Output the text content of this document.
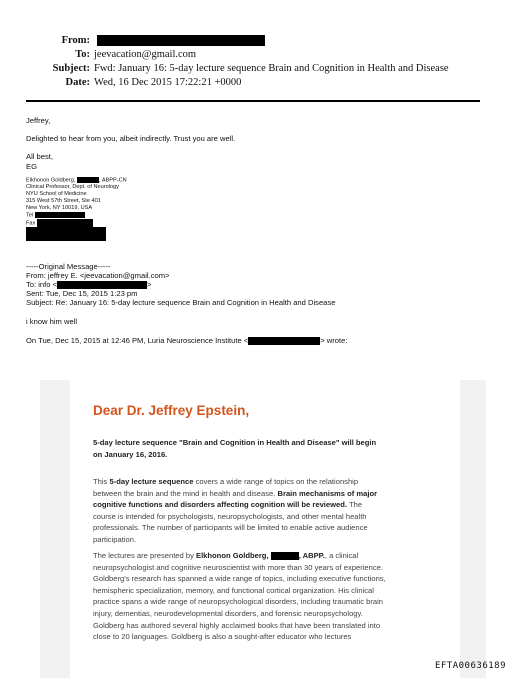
From:
To: jeevacation@gmail.com
Subject: Fwd: January 16: 5-day lecture sequence Brain and Cognition in Health and Disease
Date: Wed, 16 Dec 2015 17:22:21 +0000
Jeffrey,
Delighted to hear from you, albeit indirectly. Trust you are well.
All best,
EG
Elkhonon Goldberg,	, ABPP-CN
Clinical Professor, Dept. of Neurology
NYU School of Medicine
315 West 57th Street, Ste 401
New York, NY 10019, USA
Tel
Fax
-----Original Message-----
From: jeffrey E. <jeevacation@gmail.com>
To: info <	>
Sent: Tue, Dec 15, 2015 1:23 pm
Subject: Re: January 16: 5-day lecture sequence Brain and Cognition in Health and Disease
i know him well
On Tue, Dec 15, 2015 at 12:46 PM, Luria Neuroscience Institute <	> wrote:
Dear Dr. Jeffrey Epstein,
5-day lecture sequence "Brain and Cognition in Health and Disease" will begin
on January 16, 2016.
This 5-day lecture sequence covers a wide range of topics on the relationship
between the brain and the mind in health and disease. Brain mechanisms of major
cognitive functions and disorders affecting cognition will be reviewed. The
course is intended for psychologists, neuropsychologists, and other mental health
professionals. The number of participants will be limited to enable active audience
participation.
The lectures are presented by Elkhonon Goldberg,	, ABPP., a clinical
neuropsychologist and cognitive neuroscientist with more than 30 years of experience.
Goldberg's research has spanned a wide range of topics, including executive functions,
hemispheric specialization, memory, and functional cortical organization. His clinical
practice spans a wide range of neuropsychological disorders, including traumatic brain
injury, dementias, neurodevelopmental disorders, and forensic neuropsychology.
Goldberg has authored several highly acclaimed books that have been translated into
close to 20 languages. Goldberg is also a sought-after educator who lectures
EFTA00636189
